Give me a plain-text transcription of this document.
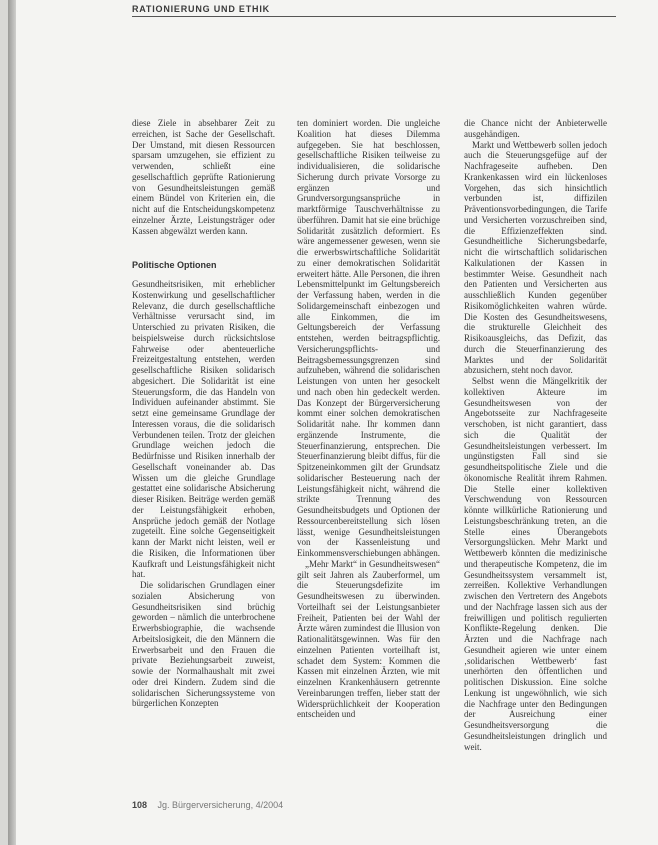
RATIONIERUNG UND ETHIK

diese Ziele in absehbarer Zeit zu erreichen, ist Sache der Gesellschaft. Der Umstand, mit diesen Ressourcen sparsam umzugehen, sie effizient zu verwenden, schließt eine gesellschaftlich geprüfte Rationierung von Gesundheitsleistungen gemäß einem Bündel von Kriterien ein, die nicht auf die Entscheidungskompetenz einzelner Ärzte, Leistungsträger oder Kassen abgewälzt werden kann.

Politische Optionen

Gesundheitsrisiken, mit erheblicher Kostenwirkung und gesellschaftlicher Relevanz, die durch gesellschaftliche Verhältnisse verursacht sind, im Unterschied zu privaten Risiken, die beispielsweise durch rücksichtslose Fahrweise oder abenteuerliche Freizeitgestaltung entstehen, werden gesellschaftliche Risiken solidarisch abgesichert. Die Solidarität ist eine Steuerungsform, die das Handeln von Individuen aufeinander abstimmt. Sie setzt eine gemeinsame Grundlage der Interessen voraus, die die solidarisch Verbundenen teilen. Trotz der gleichen Grundlage weichen jedoch die Bedürfnisse und Risiken innerhalb der Gesellschaft voneinander ab. Das Wissen um die gleiche Grundlage gestattet eine solidarische Absicherung dieser Risiken. Beiträge werden gemäß der Leistungsfähigkeit erhoben, Ansprüche jedoch gemäß der Notlage zugeteilt. Eine solche Gegenseitigkeit kann der Markt nicht leisten, weil er die Risiken, die Informationen über Kaufkraft und Leistungsfähigkeit nicht hat.

Die solidarischen Grundlagen einer sozialen Absicherung von Gesundheitsrisiken sind brüchig geworden – nämlich die unterbrochene Erwerbsbiographie, die wachsende Arbeitslosigkeit, die den Männern die Erwerbsarbeit und den Frauen die private Beziehungsarbeit zuweist, sowie der Normalhaushalt mit zwei oder drei Kindern. Zudem sind die solidarischen Sicherungssysteme von bürgerlichen Konzepten

ten dominiert worden. Die ungleiche Koalition hat dieses Dilemma aufgegeben. Sie hat beschlossen, gesellschaftliche Risiken teilweise zu individualisieren, die solidarische Sicherung durch private Vorsorge zu ergänzen und Grundversorgungsansprüche in marktförmige Tauschverhältnisse zu überführen. Damit hat sie eine brüchige Solidarität zusätzlich deformiert. Es wäre angemessener gewesen, wenn sie die erwerbswirtschaftliche Solidarität zu einer demokratischen Solidarität erweitert hätte. Alle Personen, die ihren Lebensmittelpunkt im Geltungsbereich der Verfassung haben, werden in die Solidargemeinschaft einbezogen und alle Einkommen, die im Geltungsbereich der Verfassung entstehen, werden beitragspflichtig. Versicherungspflichts- und Beitragsbemessungsgrenzen sind aufzuheben, während die solidarischen Leistungen von unten her gesockelt und nach oben hin gedeckelt werden. Das Konzept der Bürgerversicherung kommt einer solchen demokratischen Solidarität nahe. Ihr kommen dann ergänzende Instrumente, die Steuerfinanzierung, entsprechen. Die Steuerfinanzierung bleibt diffus, für die Spitzeneinkommen gilt der Grundsatz solidarischer Besteuerung nach der Leistungsfähigkeit nicht, während die strikte Trennung des Gesundheitsbudgets und Optionen der Ressourcenbereitstellung sich lösen lässt, wenige Gesundheitsleistungen von der Kassenleistung und Einkommensverschiebungen abhängen.

„Mehr Markt“ in Gesundheitswesen“ gilt seit Jahren als Zauberformel, um die Steuerungsdefizite im Gesundheitswesen zu überwinden. Vorteilhaft sei der Leistungsanbieter Freiheit, Patienten bei der Wahl der Ärzte wären zumindest die Illusion von Rationalitätsgewinnen. Was für den einzelnen Patienten vorteilhaft ist, schadet dem System: Kommen die Kassen mit einzelnen Ärzten, wie mit einzelnen Krankenhäusern getrennte Vereinbarungen treffen, lieber statt der Widersprüchlichkeit der Kooperation entscheiden und

die Chance nicht der Anbieterwelle ausgehändigen.

Markt und Wettbewerb sollen jedoch auch die Steuerungsgefüge auf der Nachfrageseite aufheben. Den Krankenkassen wird ein lückenloses Vorgehen, das sich hinsichtlich verbunden ist, diffizilen Präventionsvorbedingungen, die Tarife und Versicherten vorzuschreiben sind, die Effizienzeffekten sind. Gesundheitliche Sicherungsbedarfe, nicht die wirtschaftlich solidarischen Kalkulationen der Kassen in bestimmter Weise. Gesundheit nach den Patienten und Versicherten aus ausschließlich Kunden gegenüber Risikomöglichkeiten wahren würde. Die Kosten des Gesundheitswesens, die strukturelle Gleichheit des Risikoausgleichs, das Defizit, das durch die Steuerfinanzierung des Marktes und der Solidarität abzusichern, steht noch davor.

Selbst wenn die Mängelkritik der kollektiven Akteure im Gesundheitswesen von der Angebotsseite zur Nachfrageseite verschoben, ist nicht garantiert, dass sich die Qualität der Gesundheitsleistungen verbessert. Im ungünstigsten Fall sind sie gesundheitspolitische Ziele und die ökonomische Realität ihrem Rahmen. Die Stelle einer kollektiven Verschwendung von Ressourcen könnte willkürliche Rationierung und Leistungsbeschränkung treten, an die Stelle eines Überangebots Versorgungslücken. Mehr Markt und Wettbewerb könnten die medizinische und therapeutische Kompetenz, die im Gesundheitssystem versammelt ist, zerreißen. Kollektive Verhandlungen zwischen den Vertretern des Angebots und der Nachfrage lassen sich aus der freiwilligen und politisch regulierten Konflikte-Regelung denken. Die Ärzten und die Nachfrage nach Gesundheit agieren wie unter einem ‚solidarischen Wettbewerb‘ fast unerhörten den öffentlichen und politischen Diskussion. Eine solche Lenkung ist ungewöhnlich, wie sich die Nachfrage unter den Bedingungen der Ausreichung einer Gesundheitsversorgung die Gesundheitsleistungen dringlich und weit.

108 Jg. Bürgerversicherung, 4/2004
